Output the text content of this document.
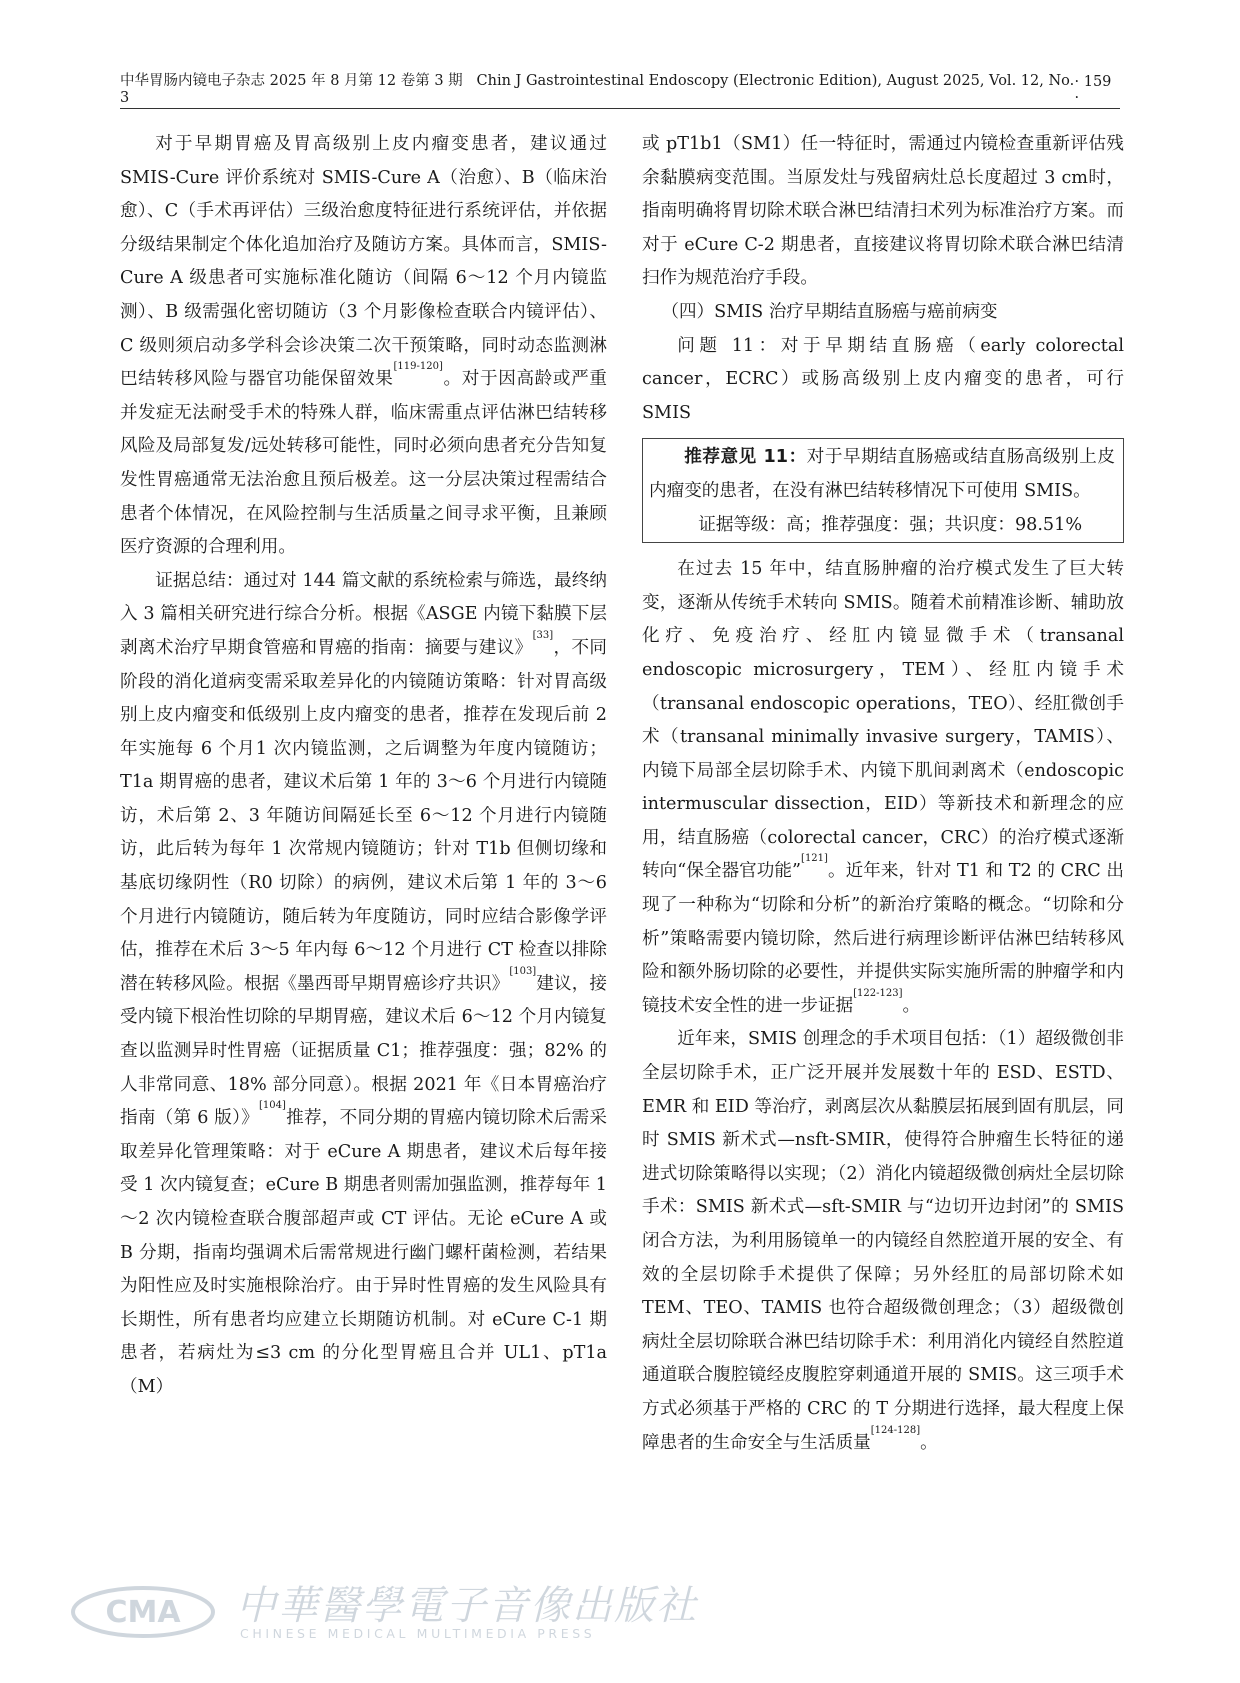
中华胃肠内镜电子杂志 2025 年 8 月第 12 卷第 3 期 Chin J Gastrointestinal Endoscopy (Electronic Edition), August 2025, Vol. 12, No. 3
· 159 ·

对于早期胃癌及胃高级别上皮内瘤变患者，建议通过 SMIS-Cure 评价系统对 SMIS-Cure A（治愈）、B（临床治愈）、C（手术再评估）三级治愈度特征进行系统评估，并依据分级结果制定个体化追加治疗及随访方案。具体而言，SMIS-Cure A 级患者可实施标准化随访（间隔 6～12 个月内镜监测）、B 级需强化密切随访（3 个月影像检查联合内镜评估）、C 级则须启动多学科会诊决策二次干预策略，同时动态监测淋巴结转移风险与器官功能保留效果[119-120]。对于因高龄或严重并发症无法耐受手术的特殊人群，临床需重点评估淋巴结转移风险及局部复发/远处转移可能性，同时必须向患者充分告知复发性胃癌通常无法治愈且预后极差。这一分层决策过程需结合患者个体情况，在风险控制与生活质量之间寻求平衡，且兼顾医疗资源的合理利用。

证据总结：通过对 144 篇文献的系统检索与筛选，最终纳入 3 篇相关研究进行综合分析。根据《ASGE 内镜下黏膜下层剥离术治疗早期食管癌和胃癌的指南：摘要与建议》[33]，不同阶段的消化道病变需采取差异化的内镜随访策略：针对胃高级别上皮内瘤变和低级别上皮内瘤变的患者，推荐在发现后前 2 年实施每 6 个月1 次内镜监测，之后调整为年度内镜随访；T1a 期胃癌的患者，建议术后第 1 年的 3～6 个月进行内镜随访，术后第 2、3 年随访间隔延长至 6～12 个月进行内镜随访，此后转为每年 1 次常规内镜随访；针对 T1b 但侧切缘和基底切缘阴性（R0 切除）的病例，建议术后第 1 年的 3～6 个月进行内镜随访，随后转为年度随访，同时应结合影像学评估，推荐在术后 3～5 年内每 6～12 个月进行 CT 检查以排除潜在转移风险。根据《墨西哥早期胃癌诊疗共识》[103]建议，接受内镜下根治性切除的早期胃癌，建议术后 6～12 个月内镜复查以监测异时性胃癌（证据质量 C1；推荐强度：强；82% 的人非常同意、18% 部分同意）。根据 2021 年《日本胃癌治疗指南（第 6 版）》[104]推荐，不同分期的胃癌内镜切除术后需采取差异化管理策略：对于 eCure A 期患者，建议术后每年接受 1 次内镜复查；eCure B 期患者则需加强监测，推荐每年 1～2 次内镜检查联合腹部超声或 CT 评估。无论 eCure A 或 B 分期，指南均强调术后需常规进行幽门螺杆菌检测，若结果为阳性应及时实施根除治疗。由于异时性胃癌的发生风险具有长期性，所有患者均应建立长期随访机制。对 eCure C-1 期患者，若病灶为≤3 cm 的分化型胃癌且合并 UL1、pT1a（M）

或 pT1b1（SM1）任一特征时，需通过内镜检查重新评估残余黏膜病变范围。当原发灶与残留病灶总长度超过 3 cm时，指南明确将胃切除术联合淋巴结清扫术列为标准治疗方案。而对于 eCure C-2 期患者，直接建议将胃切除术联合淋巴结清扫作为规范治疗手段。

（四）SMIS 治疗早期结直肠癌与癌前病变

问题 11：对于早期结直肠癌（early colorectal cancer，ECRC）或肠高级别上皮内瘤变的患者，可行 SMIS

推荐意见 11：对于早期结直肠癌或结直肠高级别上皮内瘤变的患者，在没有淋巴结转移情况下可使用 SMIS。

证据等级：高；推荐强度：强；共识度：98.51%

在过去 15 年中，结直肠肿瘤的治疗模式发生了巨大转变，逐渐从传统手术转向 SMIS。随着术前精准诊断、辅助放化疗、免疫治疗、经肛内镜显微手术（transanal endoscopic microsurgery，TEM）、经肛内镜手术（transanal endoscopic operations，TEO）、经肛微创手术（transanal minimally invasive surgery，TAMIS）、内镜下局部全层切除手术、内镜下肌间剥离术（endoscopic intermuscular dissection，EID）等新技术和新理念的应用，结直肠癌（colorectal cancer，CRC）的治疗模式逐渐转向“保全器官功能”[121]。近年来，针对 T1 和 T2 的 CRC 出现了一种称为“切除和分析”的新治疗策略的概念。“切除和分析”策略需要内镜切除，然后进行病理诊断评估淋巴结转移风险和额外肠切除的必要性，并提供实际实施所需的肿瘤学和内镜技术安全性的进一步证据[122-123]。

近年来，SMIS 创理念的手术项目包括：（1）超级微创非全层切除手术，正广泛开展并发展数十年的 ESD、ESTD、EMR 和 EID 等治疗，剥离层次从黏膜层拓展到固有肌层，同时 SMIS 新术式—nsft-SMIR，使得符合肿瘤生长特征的递进式切除策略得以实现；（2）消化内镜超级微创病灶全层切除手术：SMIS 新术式—sft-SMIR 与“边切开边封闭”的 SMIS 闭合方法，为利用肠镜单一的内镜经自然腔道开展的安全、有效的全层切除手术提供了保障；另外经肛的局部切除术如 TEM、TEO、TAMIS 也符合超级微创理念；（3）超级微创病灶全层切除联合淋巴结切除手术：利用消化内镜经自然腔道通道联合腹腔镜经皮腹腔穿刺通道开展的 SMIS。这三项手术方式必须基于严格的 CRC 的 T 分期进行选择，最大程度上保障患者的生命安全与生活质量[124-128]。

CMA 中華醫學電子音像出版社
CHINESE MEDICAL MULTIMEDIA PRESS
